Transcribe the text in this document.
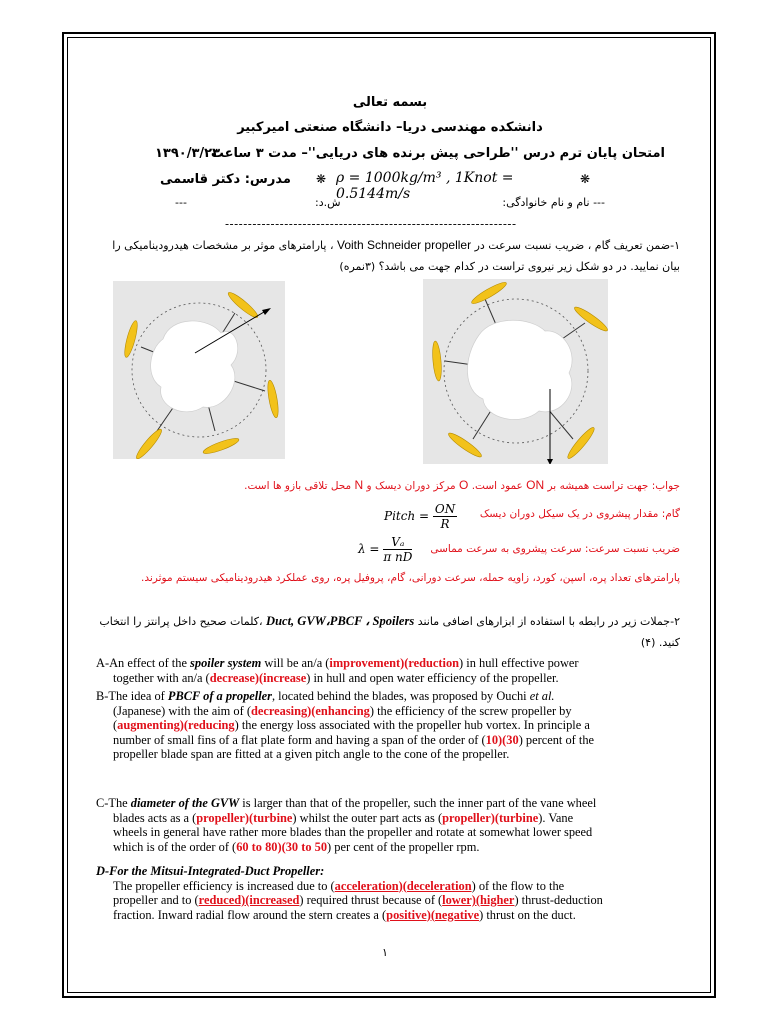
بسمه تعالی

دانشکده مهندسی دریا– دانشگاه صنعتی امیرکبیر

۱۳۹۰/۳/۲۳
امتحان پایان ترم درس ''طراحی پیش برنده های دریایی''– مدت ۳ ساعت
مدرس: دکتر قاسمی ❋ ρ = 1000kg/m³ , 1Knot = 0.5144m/s
❋
---	ش.د:	--- نام و نام خانوادگی:

----------------------------------------------------------------

۱-ضمن تعریف گام ، ضریب نسبت سرعت در Voith Schneider propeller ، پارامترهای موثر بر مشخصات هیدرودینامیکی را

بیان نمایید. در دو شکل زیر نیروی تراست در کدام جهت می باشد؟ (۳نمره)

جواب: جهت تراست همیشه بر ON عمود است. O مرکز دوران دیسک و N محل تلاقی بازو ها است.

گام: مقدار پیشروی در یک سیکل دوران دیسک
Pitch = $\frac{ON}{R}$
ضریب نسبت سرعت: سرعت پیشروی به سرعت مماسی
$\lambda = \frac{\text{Vₐ}}{\text{π nD}}$

پارامترهای تعداد پره، اسپن، کورد، زاویه حمله، سرعت دورانی، گام، پروفیل پره، روی عملکرد هیدرودینامیکی سیستم موثرند.

۲-جملات زیر در رابطه با استفاده از ابزارهای اضافی مانند Duct, GVW،PBCF ، Spoilers ،کلمات صحیح داخل پرانتز را انتخاب

کنید. (۴)

A-An effect of the spoiler system will be an/a (improvement)(reduction) in hull effective power
together with an/a (decrease)(increase) in hull and open water efficiency of the propeller.
B-The idea of PBCF of a propeller, located behind the blades, was proposed by Ouchi et al.
(Japanese) with the aim of (decreasing)(enhancing) the efficiency of the screw propeller by
(augmenting)(reducing) the energy loss associated with the propeller hub vortex. In principle a
number of small fins of a flat plate form and having a span of the order of (10)(30) percent of the
propeller blade span are fitted at a given pitch angle to the cone of the propeller.
C-The diameter of the GVW is larger than that of the propeller, such the inner part of the vane wheel
blades acts as a (propeller)(turbine) whilst the outer part acts as (propeller)(turbine). Vane
wheels in general have rather more blades than the propeller and rotate at somewhat lower speed
which is of the order of (60 to 80)(30 to 50) per cent of the propeller rpm.
D-For the Mitsui-Integrated-Duct Propeller:
The propeller efficiency is increased due to (acceleration)(deceleration) of the flow to the
propeller and to (reduced)(increased) required thrust because of (lower)(higher) thrust-deduction
fraction. Inward radial flow around the stern creates a (positive)(negative) thrust on the duct.

۱
